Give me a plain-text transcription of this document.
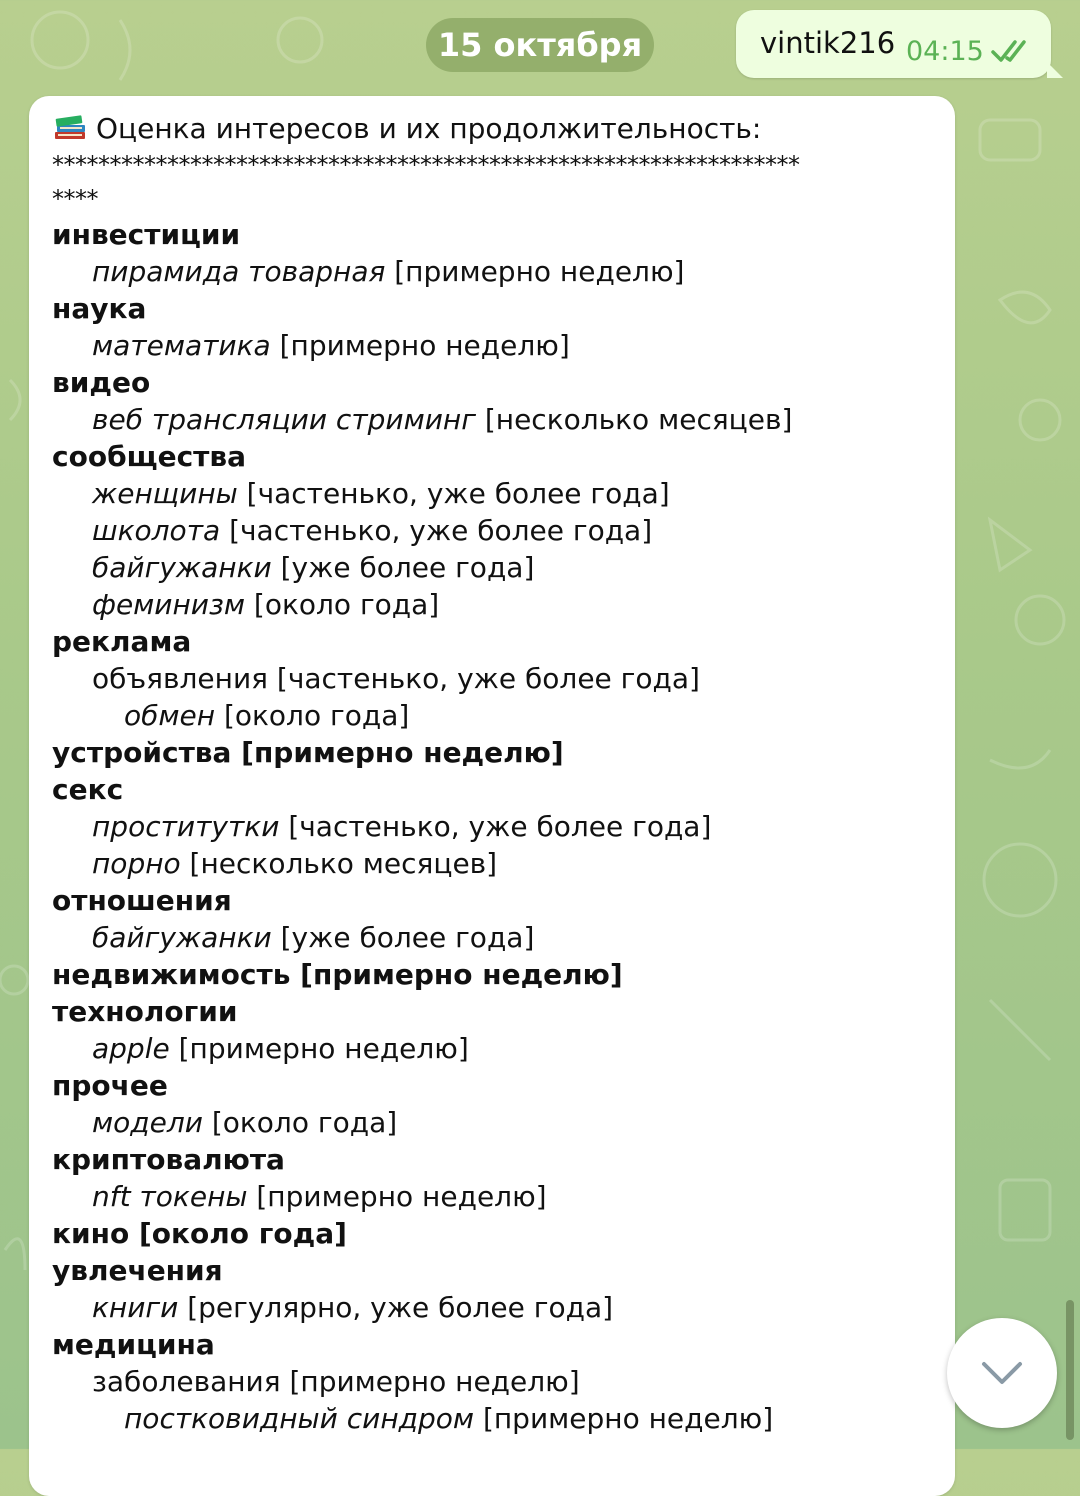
15 октября	vintik216 04:15
Оценка интересов и их продолжительность:
*****************************************************************
****
инвестиции
пирамида товарная [примерно неделю]
наука
математика [примерно неделю]
видео
веб трансляции стриминг [несколько месяцев]
сообщества
женщины [частенько, уже более года]
школота [частенько, уже более года]
байгужанки [уже более года]
феминизм [около года]
реклама
объявления [частенько, уже более года]
обмен [около года]
устройства [примерно неделю]
секс
проститутки [частенько, уже более года]
порно [несколько месяцев]
отношения
байгужанки [уже более года]
недвижимость [примерно неделю]
технологии
apple [примерно неделю]
прочее
модели [около года]
криптовалюта
nft токены [примерно неделю]
кино [около года]
увлечения
книги [регулярно, уже более года]
медицина
заболевания [примерно неделю]
постковидный синдром [примерно неделю]
